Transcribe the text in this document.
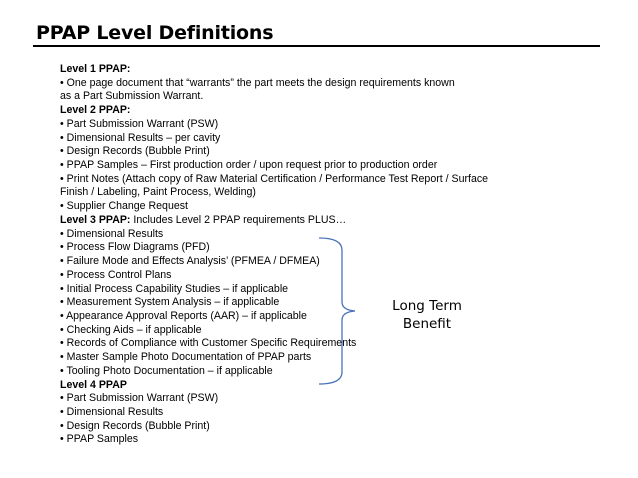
PPAP Level Definitions
Level 1 PPAP:
• One page document that “warrants” the part meets the design requirements known
as a Part Submission Warrant.
Level 2 PPAP:
• Part Submission Warrant (PSW)
• Dimensional Results – per cavity
• Design Records (Bubble Print)
• PPAP Samples – First production order / upon request prior to production order
• Print Notes (Attach copy of Raw Material Certification / Performance Test Report / Surface
Finish / Labeling, Paint Process, Welding)
• Supplier Change Request
Level 3 PPAP: Includes Level 2 PPAP requirements PLUS…
• Dimensional Results
• Process Flow Diagrams (PFD)
• Failure Mode and Effects Analysis’ (PFMEA / DFMEA)
• Process Control Plans
• Initial Process Capability Studies – if applicable
• Measurement System Analysis – if applicable
• Appearance Approval Reports (AAR) – if applicable
• Checking Aids – if applicable
• Records of Compliance with Customer Specific Requirements
• Master Sample Photo Documentation of PPAP parts
• Tooling Photo Documentation – if applicable
Level 4 PPAP
• Part Submission Warrant (PSW)
• Dimensional Results
• Design Records (Bubble Print)
• PPAP Samples
Long Term
Benefit
